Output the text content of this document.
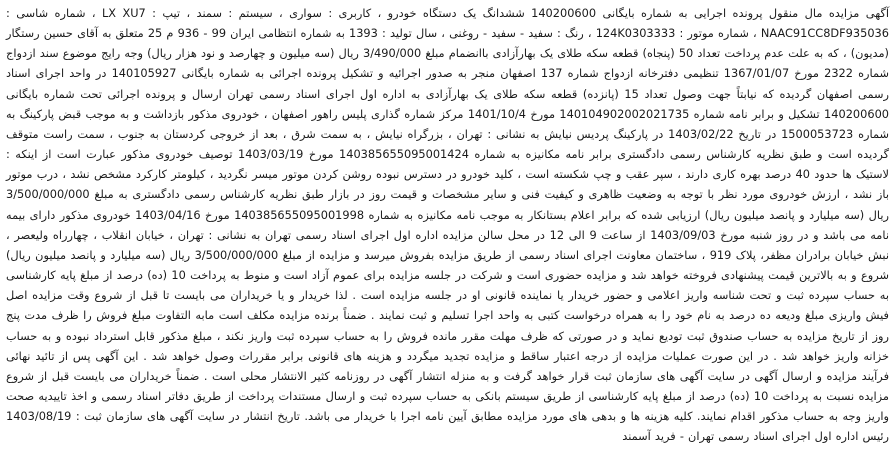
آگهی مزایده مال منقول پرونده اجرایی به شماره بایگانی 140200600 ششدانگ یک دستگاه خودرو ، کاربری : سواری ، سیستم : سمند ، تیپ : LX XU7 ، شماره شاسی : NAAC91CC8DF935036 ، شماره موتور : 124K0303333 ، رنگ : سفید - سفید - روغنی ، سال تولید : 1393 به شماره انتظامی ایران 99 - 936 م 25 متعلق به آقای حسین رستگار (مدیون) ، که به علت عدم پرداخت تعداد 50 (پنجاه) قطعه سکه طلای یک بهارآزادی باانضمام مبلغ 3/490/000 ریال (سه میلیون و چهارصد و نود هزار ریال) وجه رایج موضوع سند ازدواج شماره 2322 مورخ 1367/01/07 تنظیمی دفترخانه ازدواج شماره 137 اصفهان منجر به صدور اجرائیه و تشکیل پرونده اجرائی به شماره بایگانی 140105927 در واحد اجرای اسناد رسمی اصفهان گردیده که نیابتاً جهت وصول تعداد 15 (پانزده) قطعه سکه طلای یک بهارآزادی به اداره اول اجرای اسناد رسمی تهران ارسال و پرونده اجرائی تحت شماره بایگانی 140200600 تشکیل و برابر نامه شماره 140104902002021735 مورخ 1401/10/4 مرکز شماره گذاری پلیس راهور اصفهان ، خودروی مذکور بازداشت و به موجب قبض پارکینگ به شماره 1500053723 در تاریخ 1403/02/22 در پارکینگ پردیس نیایش به نشانی : تهران ، بزرگراه نیایش ، به سمت شرق ، بعد از خروجی کردستان به جنوب ، سمت راست متوقف گردیده است و طبق نظریه کارشناس رسمی دادگستری برابر نامه مکانیزه به شماره 140385655095001424 مورخ 1403/03/19 توصیف خودروی مذکور عبارت است از اینکه : لاستیک ها حدود 40 درصد بهره کاری دارند ، سپر عقب و چپ شکسته است ، کلید خودرو در دسترس نبوده روشن کردن موتور میسر نگردید ، کیلومتر کارکرد مشخص نشد ، درب موتور باز نشد ، ارزش خودروی مورد نظر با توجه به وضعیت ظاهری و کیفیت فنی و سایر مشخصات و قیمت روز در بازار طبق نظریه کارشناس رسمی دادگستری به مبلغ 3/500/000/000 ریال (سه میلیارد و پانصد میلیون ریال) ارزیابی شده که برابر اعلام بستانکار به موجب نامه مکانیزه به شماره 140385655095001998 مورخ 1403/04/16 خودروی مذکور دارای بیمه نامه می باشد و در روز شنبه مورخ 1403/09/03 از ساعت 9 الی 12 در محل سالن مزایده اداره اول اجرای اسناد رسمی تهران به نشانی : تهران ، خیابان انقلاب ، چهارراه ولیعصر ، نبش خیابان برادران مظفر، پلاک 919 ، ساختمان معاونت اجرای اسناد رسمی از طریق مزایده بفروش میرسد و مزایده از مبلغ 3/500/000/000 ریال (سه میلیارد و پانصد میلیون ریال) شروع و به بالاترین قیمت پیشنهادی فروخته خواهد شد و مزایده حضوری است و شرکت در جلسه مزایده برای عموم آزاد است و منوط به پرداخت 10 (ده) درصد از مبلغ پایه کارشناسی به حساب سپرده ثبت و تحت شناسه واریز اعلامی و حضور خریدار یا نماینده قانونی او در جلسه مزایده است . لذا خریدار و یا خریداران می بایست تا قبل از شروع وقت مزایده اصل فیش واریزی مبلغ ودیعه ده درصد به نام خود را به همراه درخواست کتبی به واحد اجرا تسلیم و ثبت نمایند . ضمناً برنده مزایده مکلف است مابه التفاوت مبلغ فروش را ظرف مدت پنج روز از تاریخ مزایده به حساب صندوق ثبت تودیع نماید و در صورتی که ظرف مهلت مقرر مانده فروش را به حساب سپرده ثبت واریز نکند ، مبلغ مذکور قابل استرداد نبوده و به حساب خزانه واریز خواهد شد . در این صورت عملیات مزایده از درجه اعتبار ساقط و مزایده تجدید میگردد و هزینه های قانونی برابر مقررات وصول خواهد شد . این آگهی پس از تائید نهائی فرآیند مزایده و ارسال آگهی در سایت آگهی های سازمان ثبت قرار خواهد گرفت و به منزله انتشار آگهی در روزنامه کثیر الانتشار محلی است . ضمناً خریداران می بایست قبل از شروع مزایده نسبت به پرداخت 10 (ده) درصد از مبلغ پایه کارشناسی از طریق سیستم بانکی به حساب سپرده ثبت و ارسال مستندات پرداخت از طریق دفاتر اسناد رسمی و اخذ تاییدیه صحت واریز وجه به حساب مذکور اقدام نمایند. کلیه هزینه ها و بدهی های مورد مزایده مطابق آیین نامه اجرا با خریدار می باشد. تاریخ انتشار در سایت آگهی های سازمان ثبت : 1403/08/19 رئیس اداره اول اجرای اسناد رسمی تهران - فرید آسمند
